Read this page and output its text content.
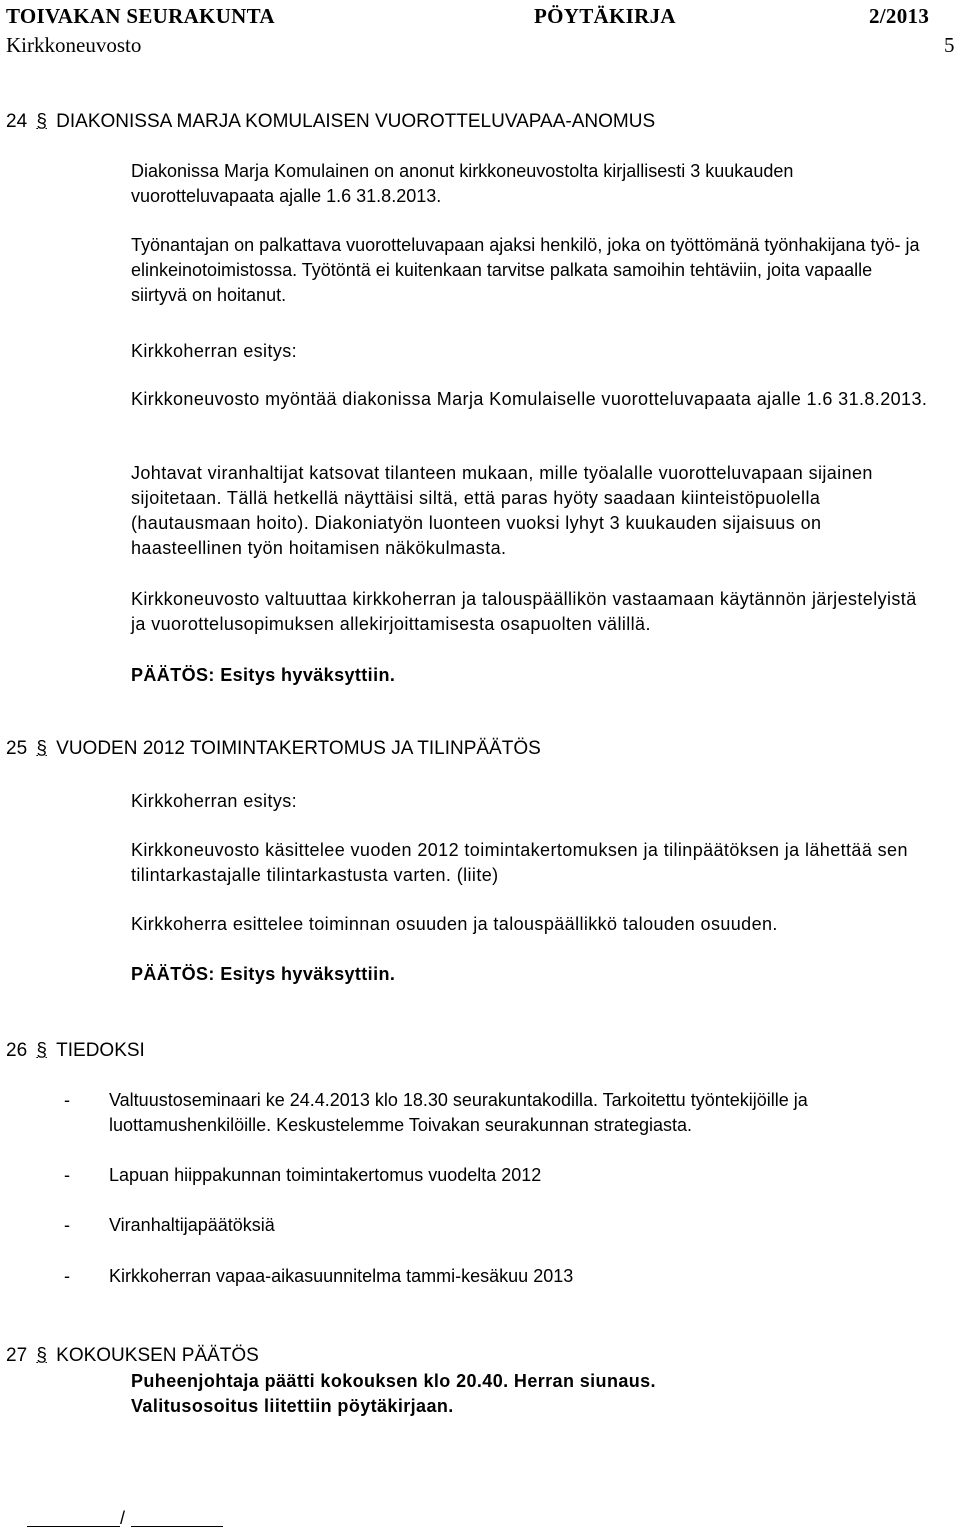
TOIVAKAN SEURAKUNTA	PÖYTÄKIRJA	2/2013
Kirkkoneuvosto	5
24 § DIAKONISSA MARJA KOMULAISEN VUOROTTELUVAPAA-ANOMUS
Diakonissa Marja Komulainen on anonut kirkkoneuvostolta kirjallisesti 3 kuukauden vuorotteluvapaata ajalle 1.6 31.8.2013.
Työnantajan on palkattava vuorotteluvapaan ajaksi henkilö, joka on työttömänä työnhakijana työ- ja elinkeinotoimistossa. Työtöntä ei kuitenkaan tarvitse palkata samoihin tehtäviin, joita vapaalle siirtyvä on hoitanut.
Kirkkoherran esitys:
Kirkkoneuvosto myöntää diakonissa Marja Komulaiselle vuorotteluvapaata ajalle 1.6 31.8.2013.
Johtavat viranhaltijat katsovat tilanteen mukaan, mille työalalle vuorotteluvapaan sijainen sijoitetaan. Tällä hetkellä näyttäisi siltä, että paras hyöty saadaan kiinteistöpuolella (hautausmaan hoito). Diakoniatyön luonteen vuoksi lyhyt 3 kuukauden sijaisuus on haasteellinen työn hoitamisen näkökulmasta.
Kirkkoneuvosto valtuuttaa kirkkoherran ja talouspäällikön vastaamaan käytännön järjestelyistä ja vuorottelusopimuksen allekirjoittamisesta osapuolten välillä.
PÄÄTÖS: Esitys hyväksyttiin.
25 § VUODEN 2012 TOIMINTAKERTOMUS JA TILINPÄÄTÖS
Kirkkoherran esitys:
Kirkkoneuvosto käsittelee vuoden 2012 toimintakertomuksen ja tilinpäätöksen ja lähettää sen tilintarkastajalle tilintarkastusta varten. (liite)
Kirkkoherra esittelee toiminnan osuuden ja talouspäällikkö talouden osuuden.
PÄÄTÖS: Esitys hyväksyttiin.
26 § TIEDOKSI
- Valtuustoseminaari ke 24.4.2013 klo 18.30 seurakuntakodilla. Tarkoitettu työntekijöille ja luottamushenkilöille. Keskustelemme Toivakan seurakunnan strategiasta.
- Lapuan hiippakunnan toimintakertomus vuodelta 2012
- Viranhaltijapäätöksiä
- Kirkkoherran vapaa-aikasuunnitelma tammi-kesäkuu 2013
27 § KOKOUKSEN PÄÄTÖS
Puheenjohtaja päätti kokouksen klo 20.40. Herran siunaus.
Valitusosoitus liitettiin pöytäkirjaan.
/
